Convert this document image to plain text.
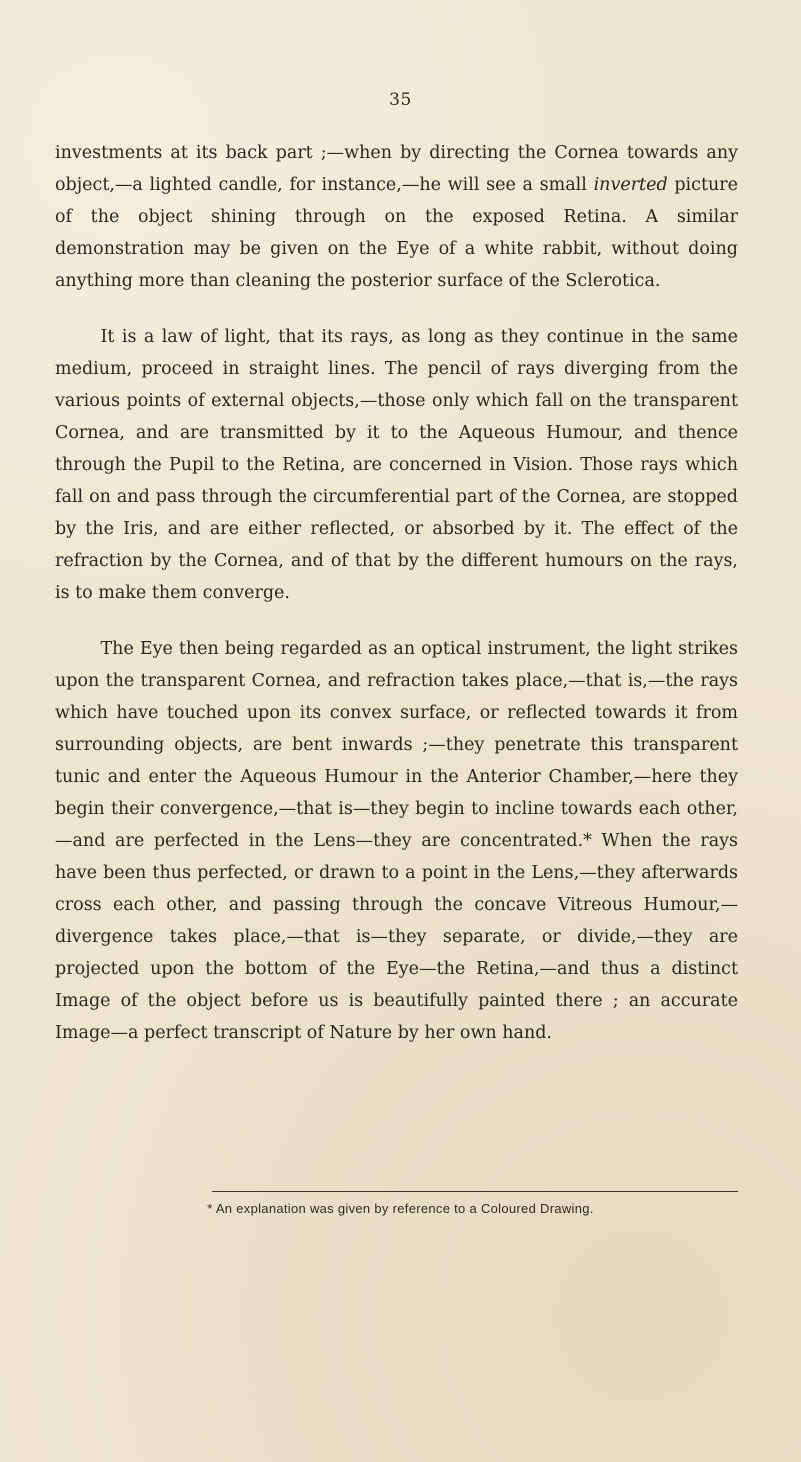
35

investments at its back part ;—when by directing the Cornea towards any object,—a lighted candle, for instance,—he will see a small inverted picture of the object shining through on the exposed Retina. A similar demonstration may be given on the Eye of a white rabbit, without doing anything more than cleaning the posterior surface of the Sclerotica.

It is a law of light, that its rays, as long as they continue in the same medium, proceed in straight lines. The pencil of rays diverging from the various points of external objects,—those only which fall on the transparent Cornea, and are transmitted by it to the Aqueous Humour, and thence through the Pupil to the Retina, are concerned in Vision. Those rays which fall on and pass through the circumferential part of the Cornea, are stopped by the Iris, and are either reflected, or absorbed by it. The effect of the refraction by the Cornea, and of that by the different humours on the rays, is to make them converge.

The Eye then being regarded as an optical instrument, the light strikes upon the transparent Cornea, and refraction takes place,—that is,—the rays which have touched upon its convex surface, or reflected towards it from surrounding objects, are bent inwards ;—they penetrate this transparent tunic and enter the Aqueous Humour in the Anterior Chamber,—here they begin their convergence,—that is—they begin to incline towards each other,—and are perfected in the Lens—they are concentrated.* When the rays have been thus perfected, or drawn to a point in the Lens,—they afterwards cross each other, and passing through the concave Vitreous Humour,—divergence takes place,—that is—they separate, or divide,—they are projected upon the bottom of the Eye—the Retina,—and thus a distinct Image of the object before us is beautifully painted there ; an accurate Image—a perfect transcript of Nature by her own hand.

* An explanation was given by reference to a Coloured Drawing.
